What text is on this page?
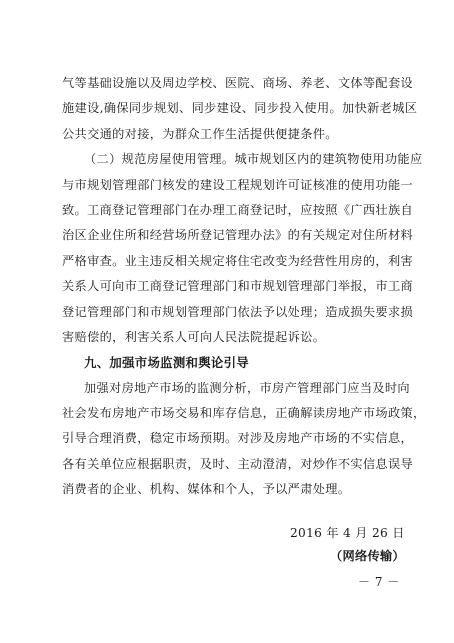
气等基础设施以及周边学校、医院、商场、养老、文体等配套设
施建设,确保同步规划、同步建设、同步投入使用。加快新老城区
公共交通的对接，为群众工作生活提供便捷条件。
（二）规范房屋使用管理。城市规划区内的建筑物使用功能应
与市规划管理部门核发的建设工程规划许可证核准的使用功能一
致。工商登记管理部门在办理工商登记时，应按照《广西壮族自
治区企业住所和经营场所登记管理办法》的有关规定对住所材料
严格审查。业主违反相关规定将住宅改变为经营性用房的，利害
关系人可向市工商登记管理部门和市规划管理部门举报，市工商
登记管理部门和市规划管理部门依法予以处理；造成损失要求损
害赔偿的，利害关系人可向人民法院提起诉讼。
九、加强市场监测和舆论引导
加强对房地产市场的监测分析，市房产管理部门应当及时向
社会发布房地产市场交易和库存信息，正确解读房地产市场政策，
引导合理消费，稳定市场预期。对涉及房地产市场的不实信息，
各有关单位应根据职责，及时、主动澄清，对炒作不实信息误导
消费者的企业、机构、媒体和个人，予以严肃处理。
2016 年 4 月 26 日
（网络传输）
－ 7 －
